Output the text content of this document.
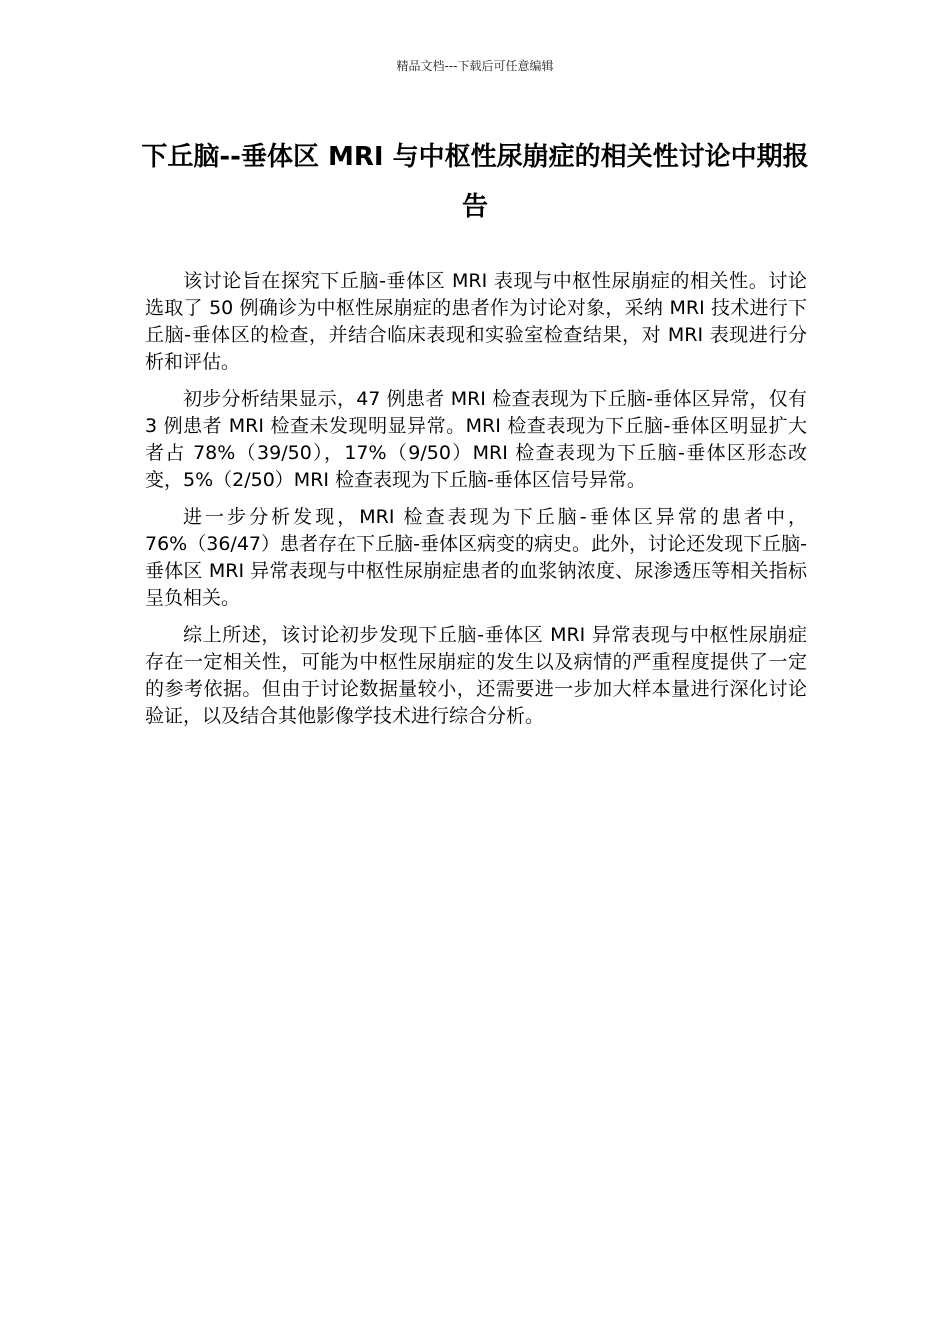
精品文档---下载后可任意编辑
下丘脑--垂体区 MRI 与中枢性尿崩症的相关性讨论中期报告

该讨论旨在探究下丘脑-垂体区 MRI 表现与中枢性尿崩症的相关性。讨论选取了 50 例确诊为中枢性尿崩症的患者作为讨论对象，采纳 MRI 技术进行下丘脑-垂体区的检查，并结合临床表现和实验室检查结果，对 MRI 表现进行分析和评估。

初步分析结果显示，47 例患者 MRI 检查表现为下丘脑-垂体区异常，仅有 3 例患者 MRI 检查未发现明显异常。MRI 检查表现为下丘脑-垂体区明显扩大者占 78%（39/50），17%（9/50）MRI 检查表现为下丘脑-垂体区形态改变，5%（2/50）MRI 检查表现为下丘脑-垂体区信号异常。

进一步分析发现，MRI 检查表现为下丘脑-垂体区异常的患者中，76%（36/47）患者存在下丘脑-垂体区病变的病史。此外，讨论还发现下丘脑-垂体区 MRI 异常表现与中枢性尿崩症患者的血浆钠浓度、尿渗透压等相关指标呈负相关。

综上所述，该讨论初步发现下丘脑-垂体区 MRI 异常表现与中枢性尿崩症存在一定相关性，可能为中枢性尿崩症的发生以及病情的严重程度提供了一定的参考依据。但由于讨论数据量较小，还需要进一步加大样本量进行深化讨论验证，以及结合其他影像学技术进行综合分析。
